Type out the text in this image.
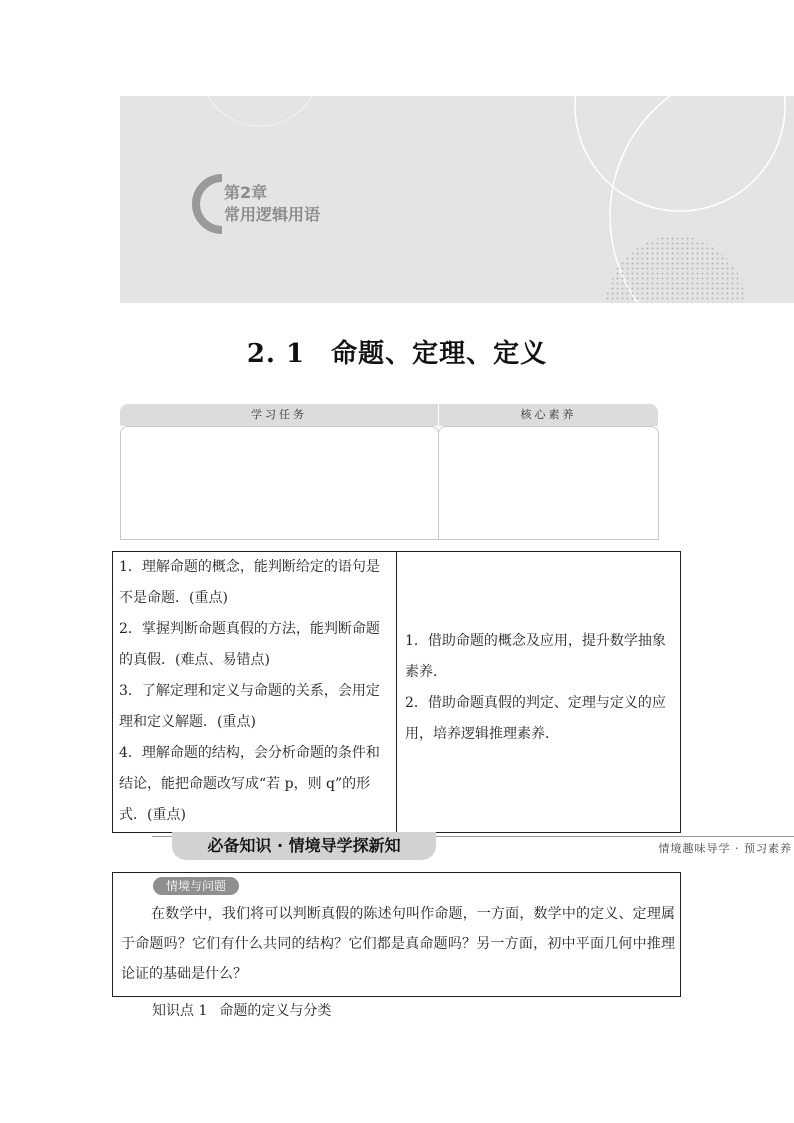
第2章
常用逻辑用语
2. 1 命题、定理、定义
学习任务	核心素养

1．理解命题的概念，能判断给定的语句是不是命题．(重点)

2．掌握判断命题真假的方法，能判断命题的真假．(难点、易错点)

3．了解定理和定义与命题的关系，会用定理和定义解题．(重点)

4．理解命题的结构，会分析命题的条件和结论，能把命题改写成“若 p，则 q”的形式．(重点)

1．借助命题的概念及应用，提升数学抽象素养．

2．借助命题真假的判定、定理与定义的应用，培养逻辑推理素养．

必备知识 · 情境导学探新知	情境趣味导学 · 预习素养
情境与问题
在数学中，我们将可以判断真假的陈述句叫作命题，一方面，数学中的定义、定理属于命题吗？它们有什么共同的结构？它们都是真命题吗？另一方面，初中平面几何中推理论证的基础是什么？
知识点 1 命题的定义与分类
